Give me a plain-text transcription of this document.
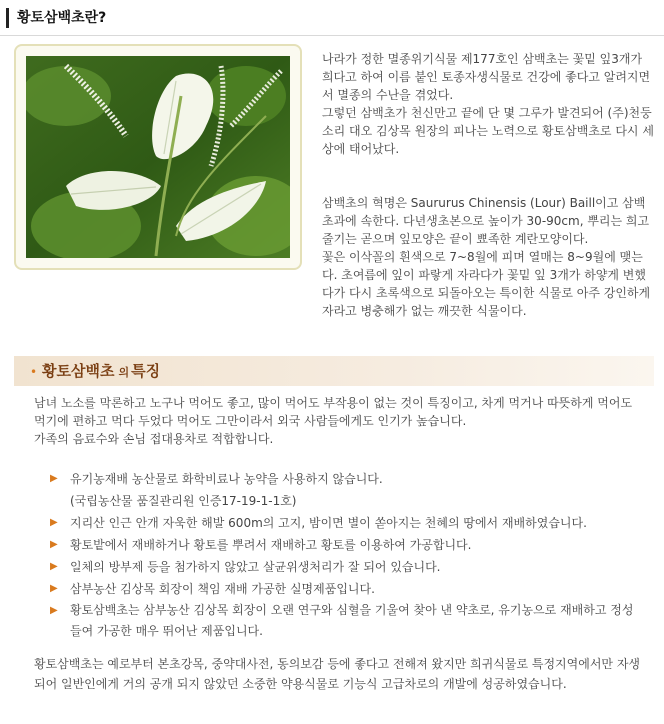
황토삼백초란?

나라가 정한 멸종위기식물 제177호인 삼백초는 꽃밑 잎3개가 희다고 하여 이름 붙인 토종자생식물로 건강에 좋다고 알려지면서 멸종의 수난을 겪었다.

그렇던 삼백초가 천신만고 끝에 단 몇 그루가 발견되어 (주)천둥소리 대오 김상목 원장의 피나는 노력으로 황토삼백초로 다시 세상에 태어났다.

삼백초의 혁명은 Saururus Chinensis (Lour) Baill이고 삼백초과에 속한다. 다년생초본으로 높이가 30-90cm, 뿌리는 희고 줄기는 곧으며 잎모양은 끝이 뾰족한 계란모양이다.

꽃은 이삭꼴의 흰색으로 7~8월에 피며 열매는 8~9월에 맺는다. 초여름에 잎이 파랗게 자라다가 꽃밑 잎 3개가 하얗게 변했다가 다시 초록색으로 되돌아오는 특이한 식물로 아주 강인하게 자라고 병충해가 없는 깨끗한 식물이다.

• 황토삼백초 의 특징

남녀 노소를 막론하고 노구나 먹어도 좋고, 많이 먹어도 부작용이 없는 것이 특징이고, 차게 먹거나 따뜻하게 먹어도 먹기에 편하고 먹다 두었다 먹어도 그만이라서 외국 사람들에게도 인기가 높습니다.

가족의 음료수와 손님 접대용차로 적합합니다.

▶ 유기농재배 농산물로 화학비료나 농약을 사용하지 않습니다.
(국립농산물 품질관리원 인증17-19-1-1호)
▶ 지리산 인근 안개 자욱한 해발 600m의 고지, 밤이면 별이 쏟아지는 천혜의 땅에서 재배하였습니다.
▶ 황토밭에서 재배하거나 황토를 뿌려서 재배하고 황토를 이용하여 가공합니다.
▶ 일체의 방부제 등을 첨가하지 않았고 살균위생처리가 잘 되어 있습니다.
▶ 삼부농산 김상목 회장이 책임 재배 가공한 실명제품입니다.
▶ 황토삼백초는 삼부농산 김상목 회장이 오랜 연구와 심혈을 기울여 찾아 낸 약초로, 유기농으로 재배하고 정성들여 가공한 매우 뛰어난 제품입니다.

황토삼백초는 예로부터 본초강목, 중약대사전, 동의보감 등에 좋다고 전해져 왔지만 희귀식물로 특정지역에서만 자생되어 일반인에게 거의 공개 되지 않았던 소중한 약용식물로 기능식 고급차로의 개발에 성공하였습니다.
